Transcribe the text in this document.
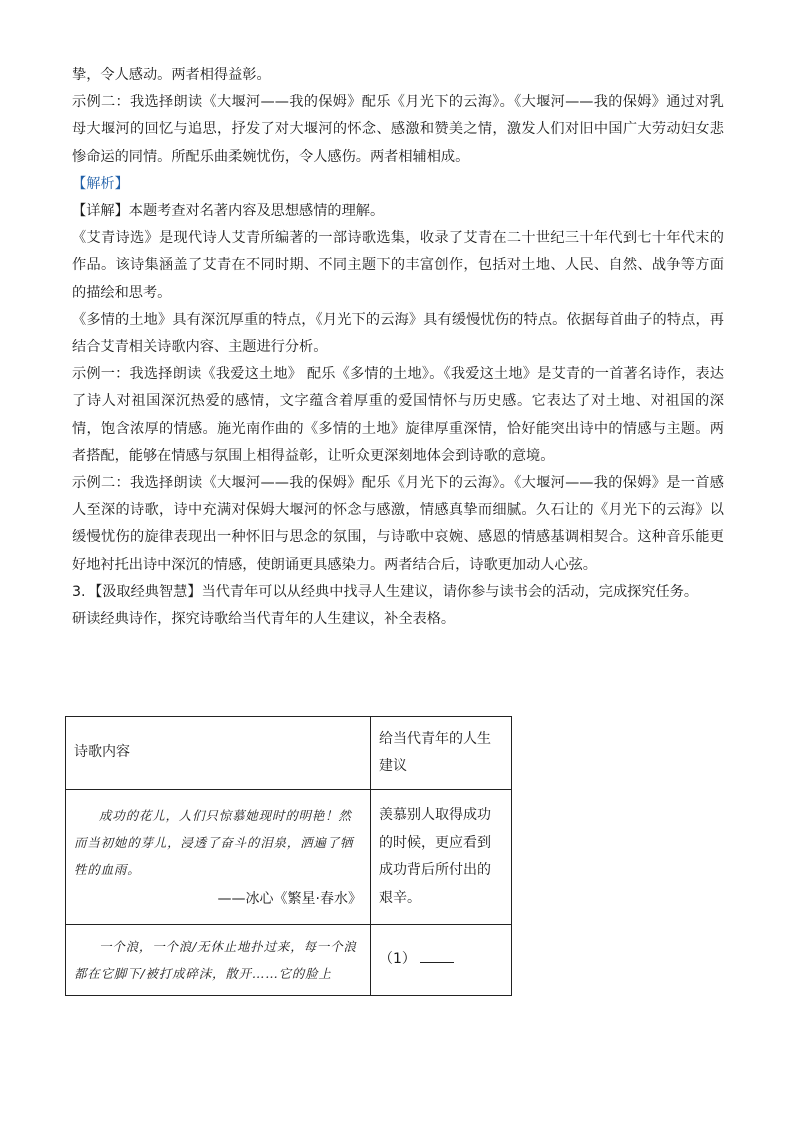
挚，令人感动。两者相得益彰。

示例二：我选择朗读《大堰河——我的保姆》配乐《月光下的云海》。《大堰河——我的保姆》通过对乳母大堰河的回忆与追思，抒发了对大堰河的怀念、感激和赞美之情，激发人们对旧中国广大劳动妇女悲惨命运的同情。所配乐曲柔婉忧伤，令人感伤。两者相辅相成。

【解析】

【详解】本题考查对名著内容及思想感情的理解。

《艾青诗选》是现代诗人艾青所编著的一部诗歌选集，收录了艾青在二十世纪三十年代到七十年代末的作品。该诗集涵盖了艾青在不同时期、不同主题下的丰富创作，包括对土地、人民、自然、战争等方面的描绘和思考。

《多情的土地》具有深沉厚重的特点，《月光下的云海》具有缓慢忧伤的特点。依据每首曲子的特点，再结合艾青相关诗歌内容、主题进行分析。

示例一：我选择朗读《我爱这土地》 配乐《多情的土地》。《我爱这土地》是艾青的一首著名诗作，表达了诗人对祖国深沉热爱的感情，文字蕴含着厚重的爱国情怀与历史感。它表达了对土地、对祖国的深情，饱含浓厚的情感。施光南作曲的《多情的土地》旋律厚重深情，恰好能突出诗中的情感与主题。两者搭配，能够在情感与氛围上相得益彰，让听众更深刻地体会到诗歌的意境。

示例二：我选择朗读《大堰河——我的保姆》配乐《月光下的云海》。《大堰河——我的保姆》是一首感人至深的诗歌，诗中充满对保姆大堰河的怀念与感激，情感真挚而细腻。久石让的《月光下的云海》以缓慢忧伤的旋律表现出一种怀旧与思念的氛围，与诗歌中哀婉、感恩的情感基调相契合。这种音乐能更好地衬托出诗中深沉的情感，使朗诵更具感染力。两者结合后，诗歌更加动人心弦。

3. 【汲取经典智慧】当代青年可以从经典中找寻人生建议，请你参与读书会的活动，完成探究任务。

研读经典诗作，探究诗歌给当代青年的人生建议，补全表格。

诗歌内容	给当代青年的人生建议

成功的花儿，人们只惊慕她现时的明艳！然而当初她的芽儿，浸透了奋斗的泪泉，洒遍了牺牲的血雨。

——冰心《繁星·春水》	羡慕别人取得成功的时候，更应看到成功背后所付出的艰辛。

一个浪，一个浪/无休止地扑过来，每一个浪都在它脚下/被打成碎沫，散开……它的脸上	（1）
